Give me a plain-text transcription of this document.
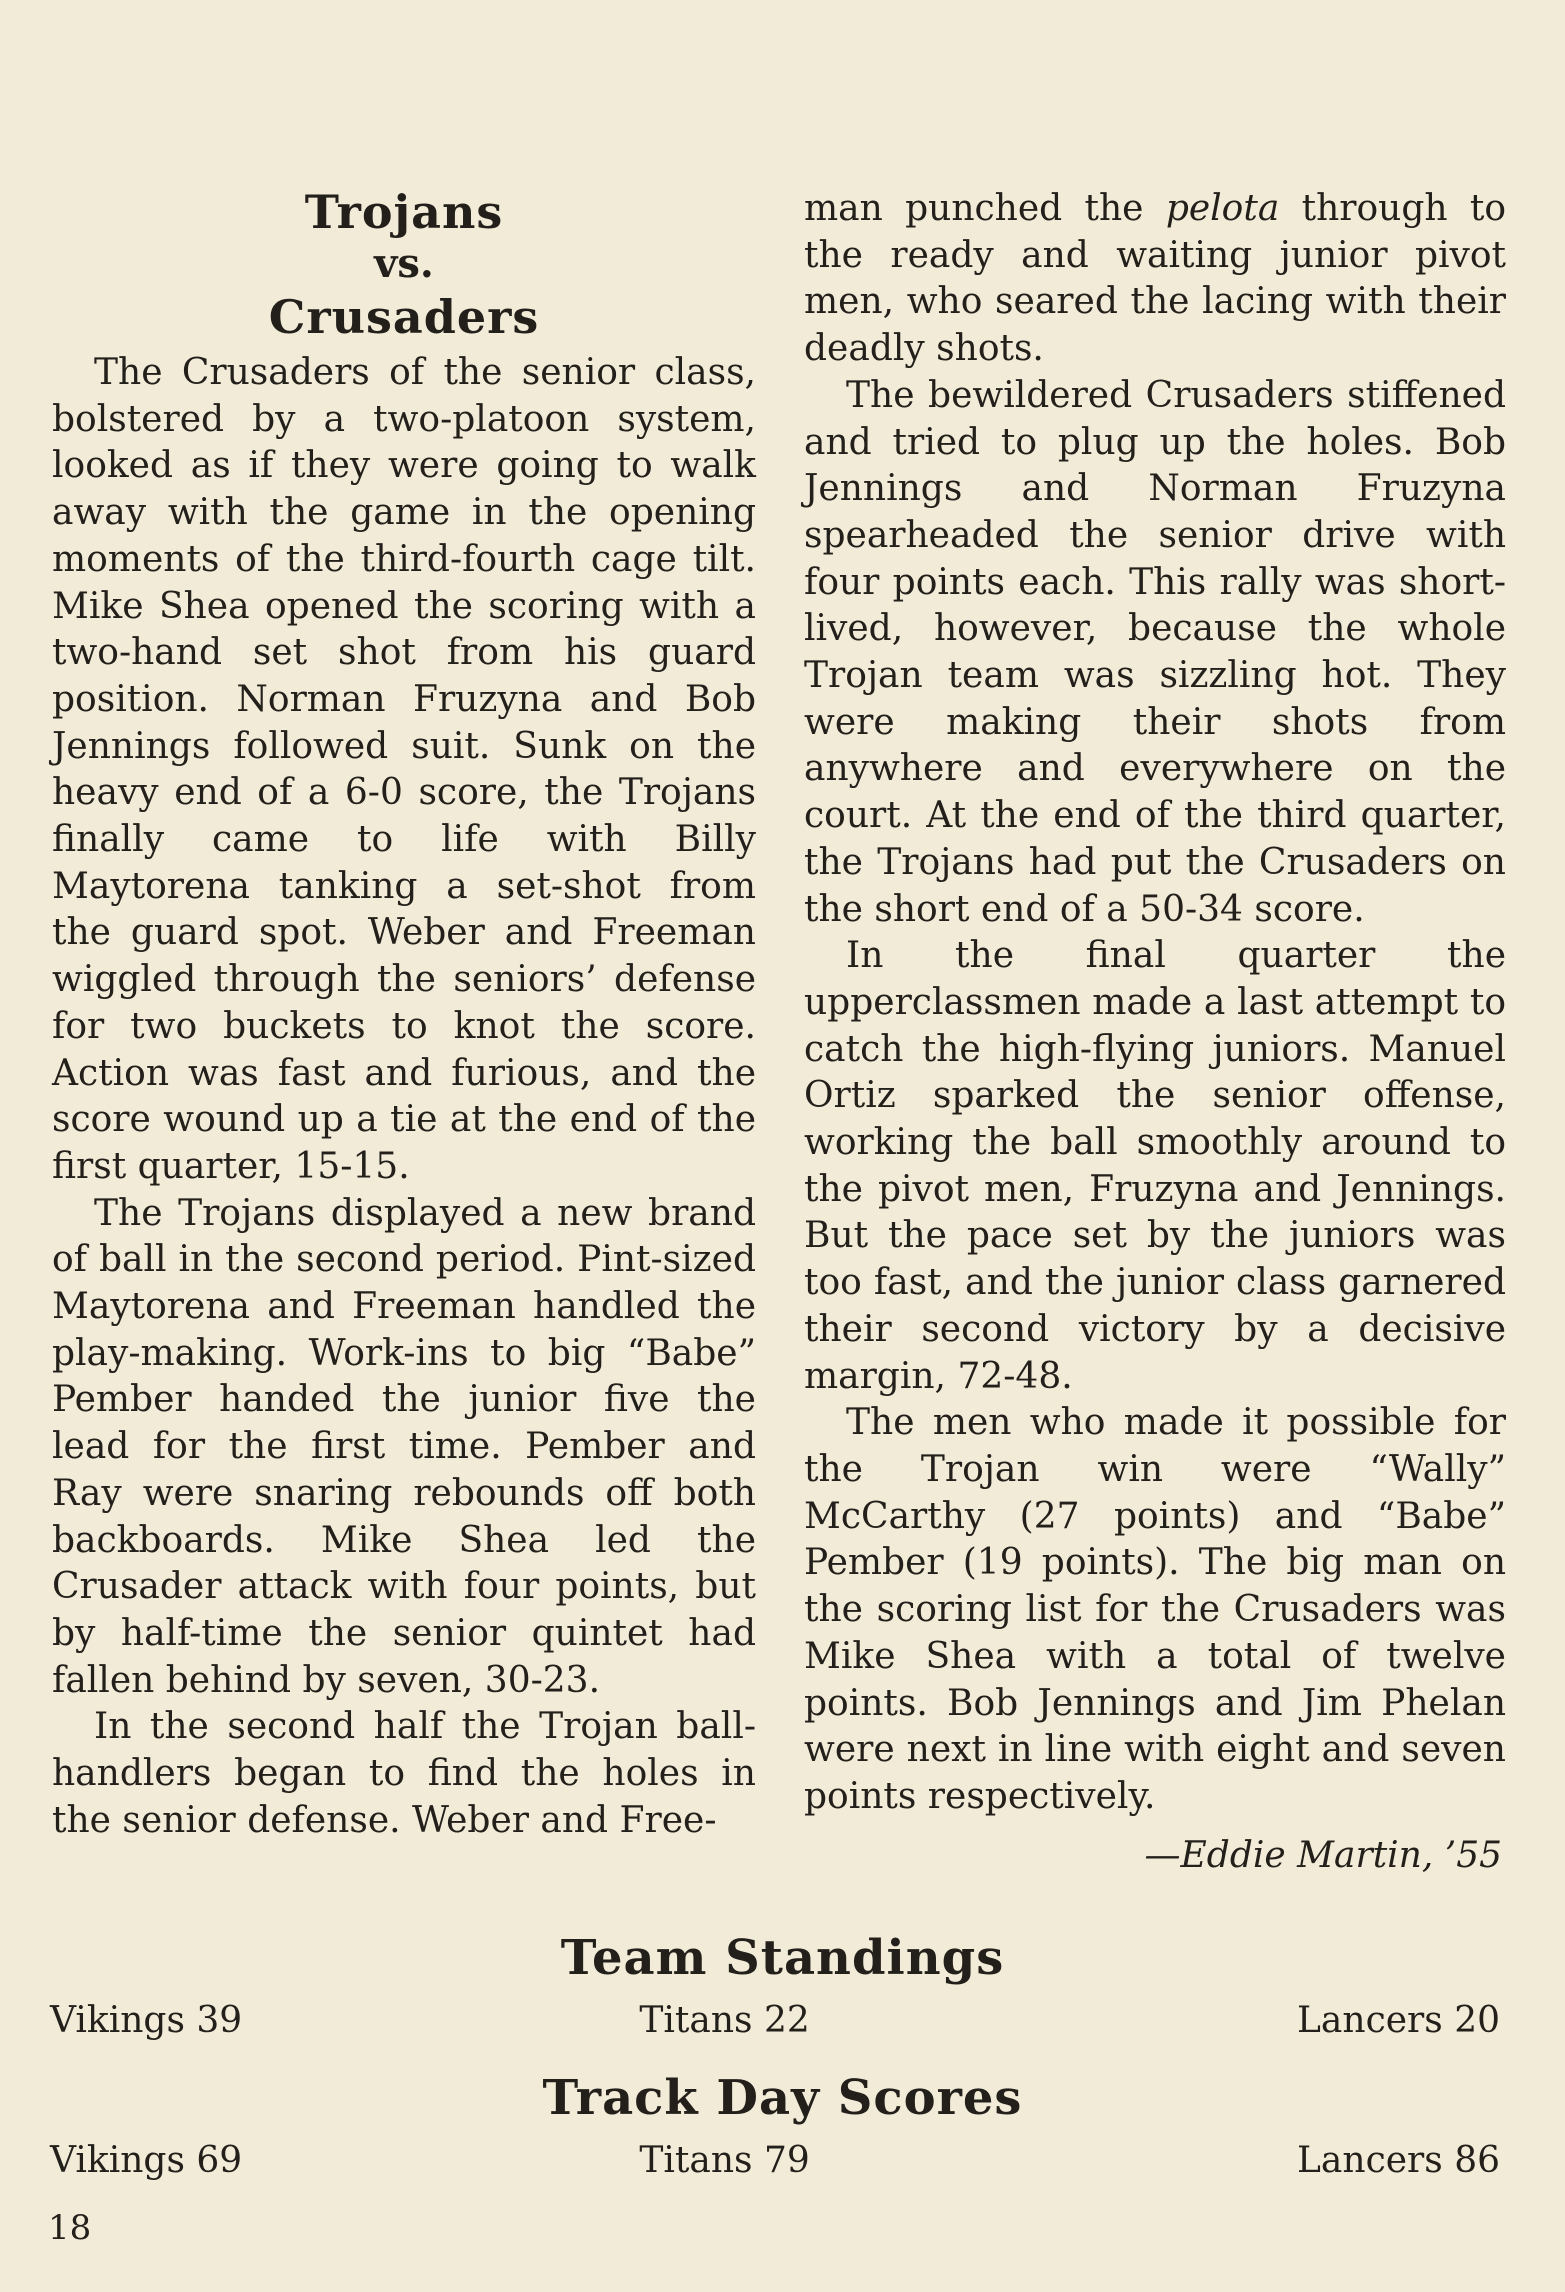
Trojans
vs.
Crusaders

The Crusaders of the senior class, bolstered by a two-platoon system, looked as if they were going to walk away with the game in the opening moments of the third-fourth cage tilt. Mike Shea opened the scoring with a two-hand set shot from his guard position. Norman Fruzyna and Bob Jennings followed suit. Sunk on the heavy end of a 6-0 score, the Trojans finally came to life with Billy Maytorena tanking a set-shot from the guard spot. Weber and Freeman wiggled through the seniors’ defense for two buckets to knot the score. Action was fast and furious, and the score wound up a tie at the end of the first quarter, 15-15.

The Trojans displayed a new brand of ball in the second period. Pint-sized Maytorena and Freeman handled the play-making. Work-ins to big “Babe” Pember handed the junior five the lead for the first time. Pember and Ray were snaring rebounds off both backboards. Mike Shea led the Crusader attack with four points, but by half-time the senior quintet had fallen behind by seven, 30-23.

In the second half the Trojan ball-handlers began to find the holes in the senior defense. Weber and Free-

man punched the pelota through to the ready and waiting junior pivot men, who seared the lacing with their deadly shots.

The bewildered Crusaders stiffened and tried to plug up the holes. Bob Jennings and Norman Fruzyna spearheaded the senior drive with four points each. This rally was short-lived, however, because the whole Trojan team was sizzling hot. They were making their shots from anywhere and everywhere on the court. At the end of the third quarter, the Trojans had put the Crusaders on the short end of a 50-34 score.

In the final quarter the upperclassmen made a last attempt to catch the high-flying juniors. Manuel Ortiz sparked the senior offense, working the ball smoothly around to the pivot men, Fruzyna and Jennings. But the pace set by the juniors was too fast, and the junior class garnered their second victory by a decisive margin, 72-48.

The men who made it possible for the Trojan win were “Wally” McCarthy (27 points) and “Babe” Pember (19 points). The big man on the scoring list for the Crusaders was Mike Shea with a total of twelve points. Bob Jennings and Jim Phelan were next in line with eight and seven points respectively.

—Eddie Martin, ’55
Team Standings
Vikings 39	Titans 22	Lancers 20
Track Day Scores
Vikings 69	Titans 79	Lancers 86
18
